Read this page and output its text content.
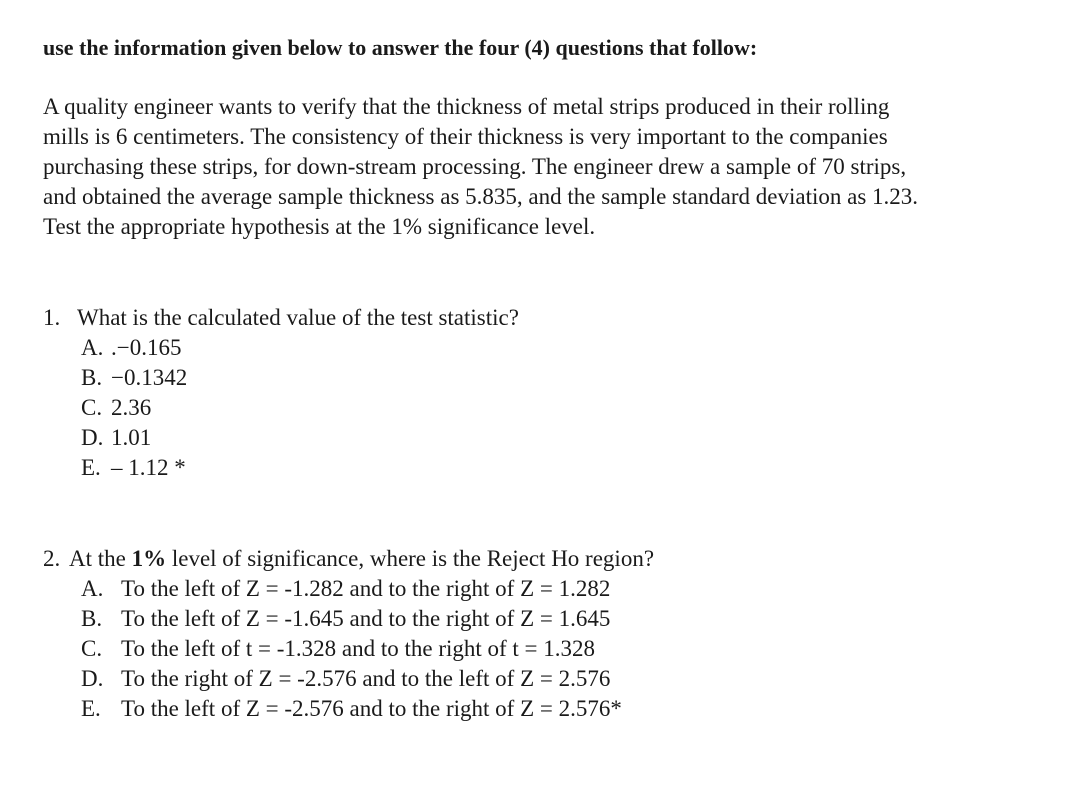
use the information given below to answer the four (4) questions that follow:
A quality engineer wants to verify that the thickness of metal strips produced in their rolling
mills is 6 centimeters. The consistency of their thickness is very important to the companies
purchasing these strips, for down-stream processing. The engineer drew a sample of 70 strips,
and obtained the average sample thickness as 5.835, and the sample standard deviation as 1.23.
Test the appropriate hypothesis at the 1% significance level.
1. What is the calculated value of the test statistic?
A. .−0.165
B. −0.1342
C. 2.36
D. 1.01
E. – 1.12 *
2. At the 1% level of significance, where is the Reject Ho region?
A. To the left of Z = -1.282 and to the right of Z = 1.282
B. To the left of Z = -1.645 and to the right of Z = 1.645
C. To the left of t = -1.328 and to the right of t = 1.328
D. To the right of Z = -2.576 and to the left of Z = 2.576
E. To the left of Z = -2.576 and to the right of Z = 2.576*
